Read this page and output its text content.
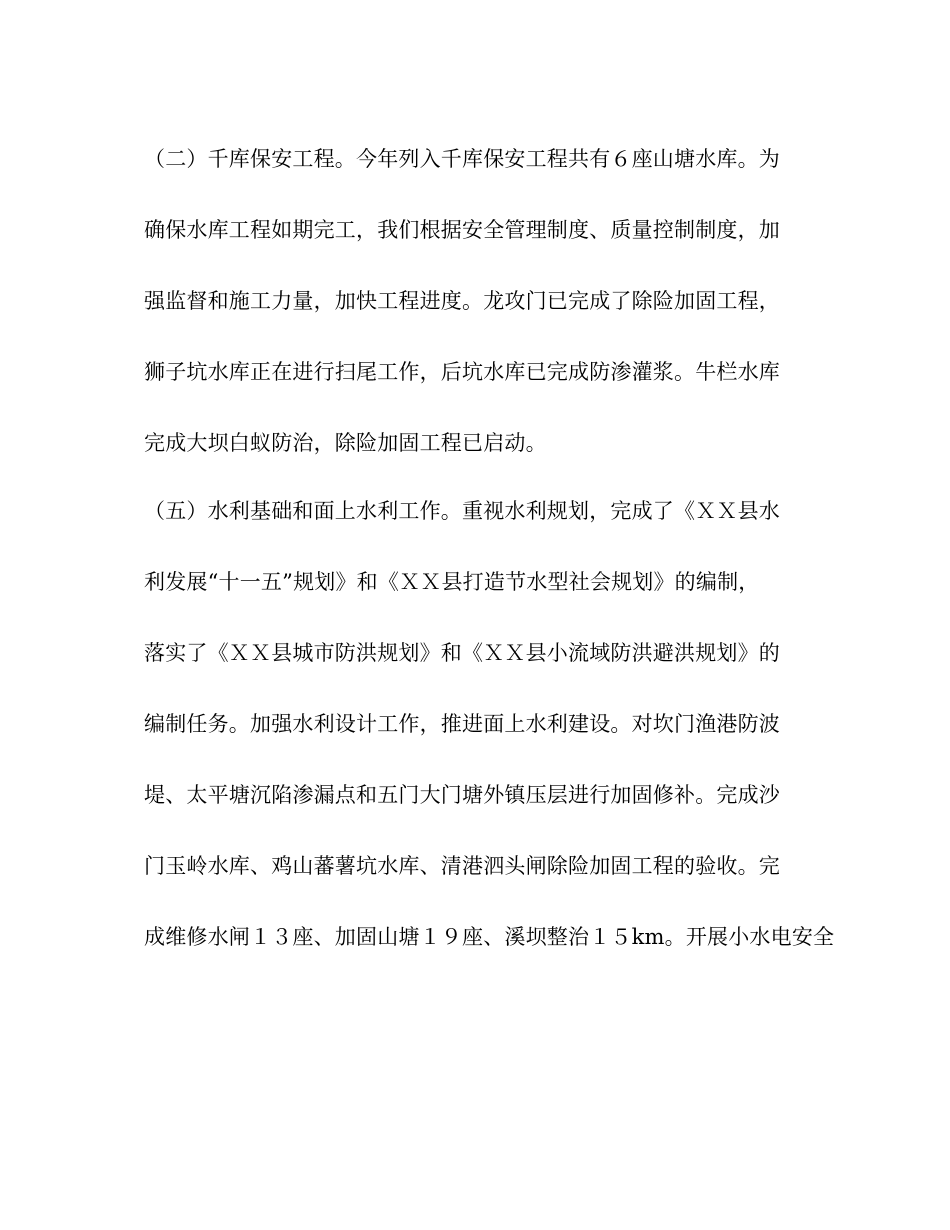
（二）千库保安工程。今年列入千库保安工程共有６座山塘水库。为
确保水库工程如期完工，我们根据安全管理制度、质量控制制度，加
强监督和施工力量，加快工程进度。龙攻门已完成了除险加固工程，
狮子坑水库正在进行扫尾工作，后坑水库已完成防渗灌浆。牛栏水库
完成大坝白蚁防治，除险加固工程已启动。
（五）水利基础和面上水利工作。重视水利规划，完成了《ＸＸ县水
利发展“十一五”规划》和《ＸＸ县打造节水型社会规划》的编制，
落实了《ＸＸ县城市防洪规划》和《ＸＸ县小流域防洪避洪规划》的
编制任务。加强水利设计工作，推进面上水利建设。对坎门渔港防波
堤、太平塘沉陷渗漏点和五门大门塘外镇压层进行加固修补。完成沙
门玉岭水库、鸡山蕃薯坑水库、清港泗头闸除险加固工程的验收。完
成维修水闸１３座、加固山塘１９座、溪坝整治１５km。开展小水电安全
